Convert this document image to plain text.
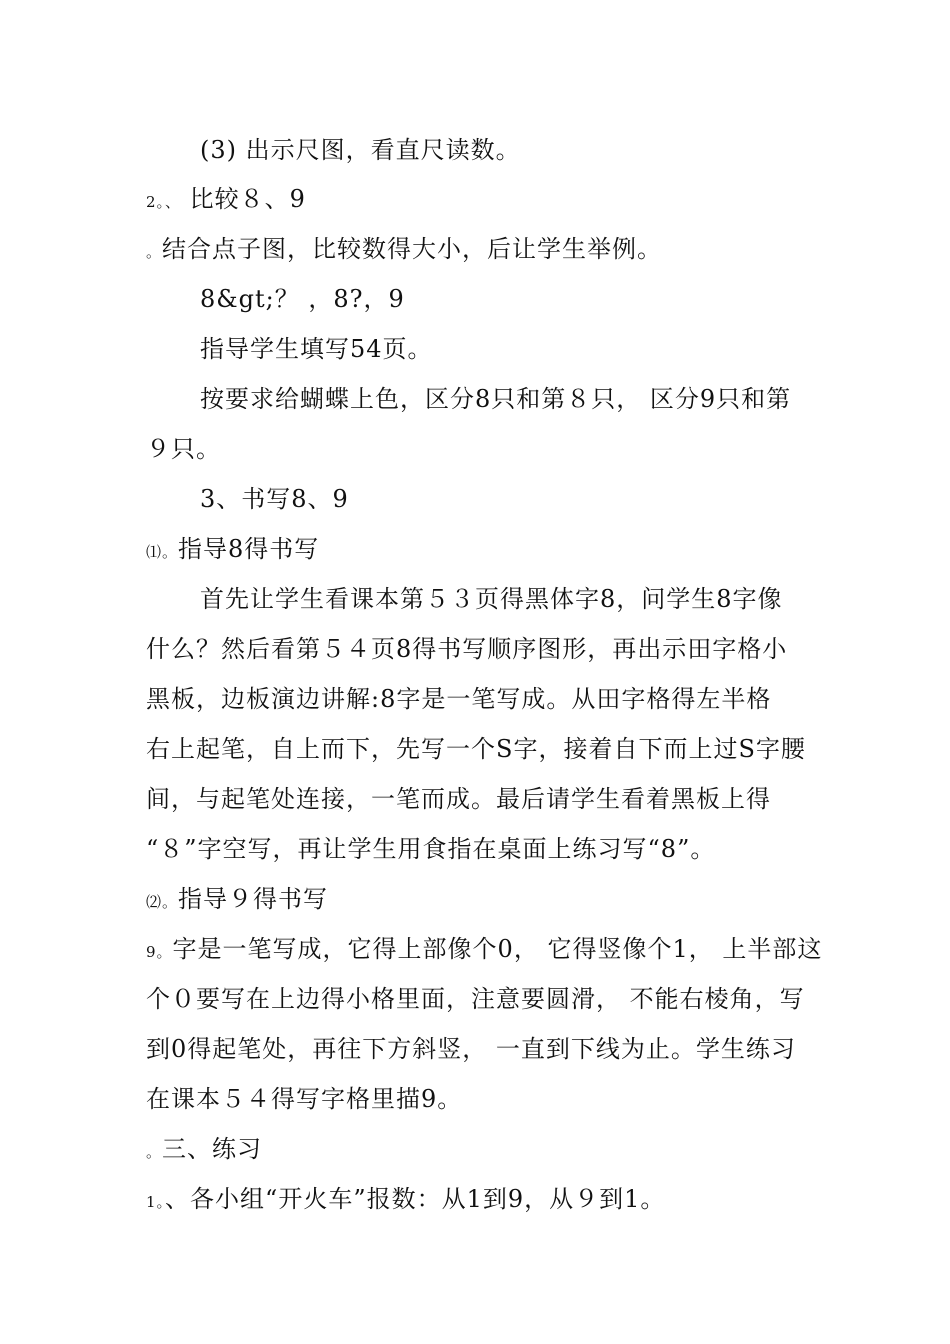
(3) 出示尺图，看直尺读数。
2。、 比较８、9
。结合点子图，比较数得大小，后让学生举例。
8&gt;？ ，8?，9
指导学生填写54页。
按要求给蝴蝶上色，区分8只和第８只， 区分9只和第
９只。
3、书写8、9
⑴。指导8得书写
首先让学生看课本第５３页得黑体字8，问学生8字像
什么？然后看第５４页8得书写顺序图形，再出示田字格小
黑板，边板演边讲解:8字是一笔写成。从田字格得左半格
右上起笔，自上而下，先写一个S字，接着自下而上过S字腰
间，与起笔处连接，一笔而成。最后请学生看着黑板上得
“８”字空写，再让学生用食指在桌面上练习写“8”。
⑵。指导９得书写
9。字是一笔写成，它得上部像个0， 它得竖像个1， 上半部这
个０要写在上边得小格里面，注意要圆滑， 不能右棱角，写
到0得起笔处，再往下方斜竖， 一直到下线为止。学生练习
在课本５４得写字格里描9。
。三、练习
1。、各小组“开火车”报数：从1到9，从９到1。
